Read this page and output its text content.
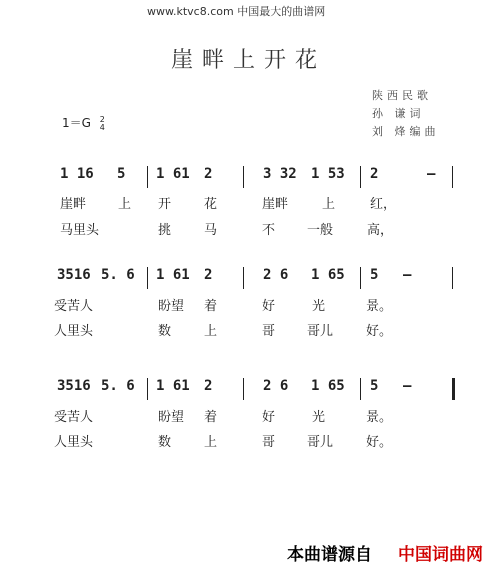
www.ktvc8.com 中国最大的曲谱网
崖畔上开花
陕西民歌
孙 谦词
刘 烽编曲
1＝G 2
4
1 16 5 1 61 2	3 32 1 53 2	–
崖畔 上 开	花	崖畔	上	红，
马里头	挑	马	不 一般	高，
3516 5. 6 1 61 2	2 6 1 65 5 –
受苦人	盼望 着	好	光	景。
人里头	数	上	哥 哥儿	好。
3516 5. 6 1 61 2	2 6 1 65 5 –
受苦人	盼望 着	好	光	景。
人里头	数	上	哥 哥儿	好。
本曲谱源自 中国词曲网
